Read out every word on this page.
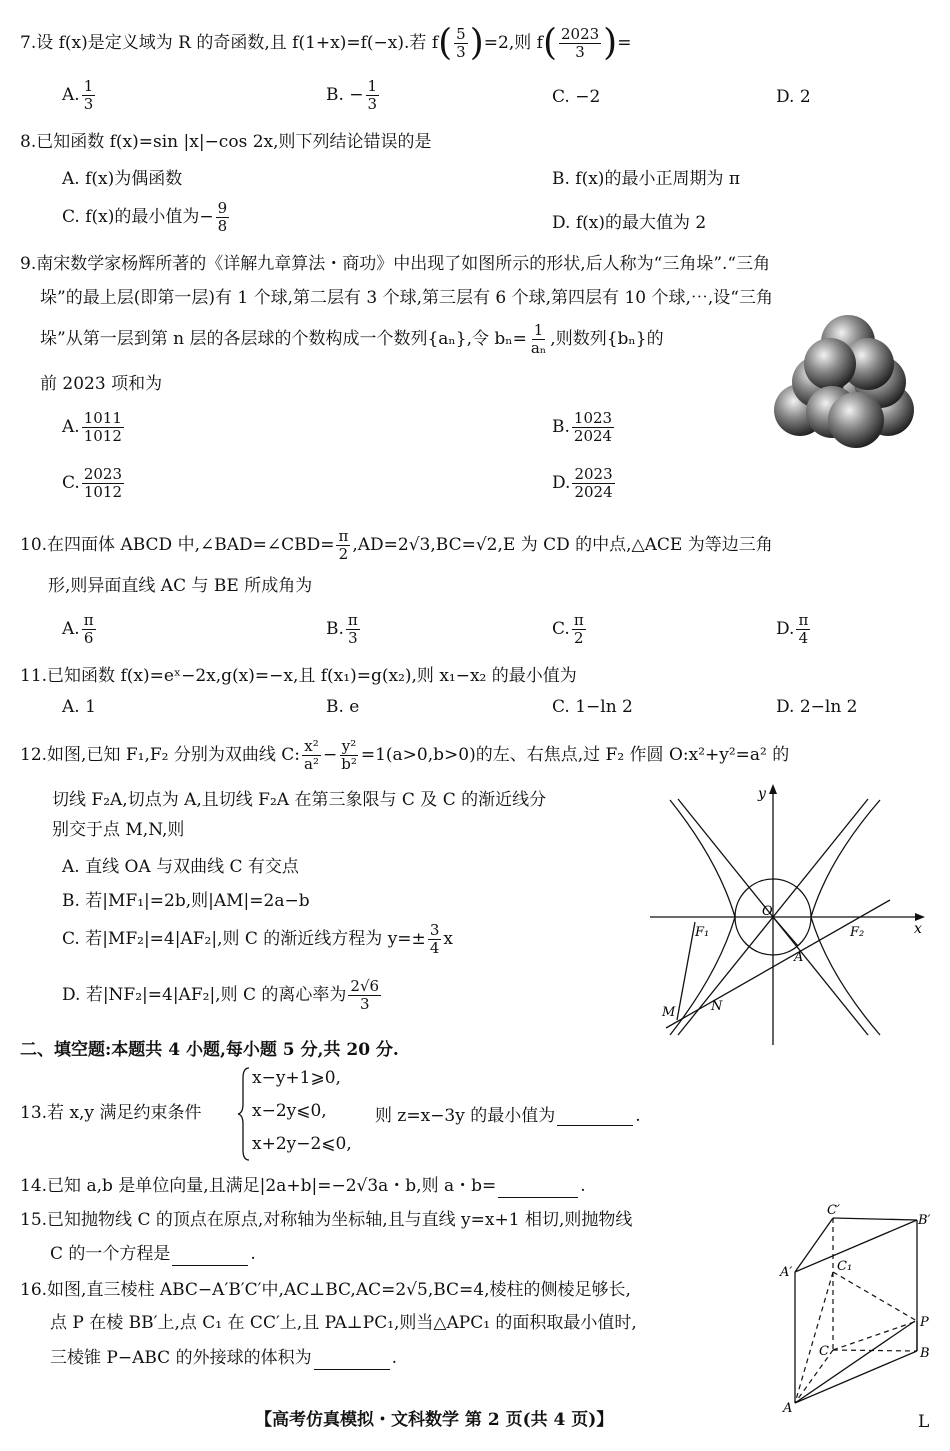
7.设 f(x)是定义域为 R 的奇函数,且 f(1+x)=f(−x).若 $f( \frac{5}{3} )=2$,则 $f( \frac{2023}{3}$ )=
A. $\frac{1}{3}$	B. − $\frac{1}{3}$	C. −2	D. 2
8.已知函数 f(x)=sin |x|−cos 2x,则下列结论错误的是
A. f(x)为偶函数	B. f(x)的最小正周期为 π
C. f(x)的最小值为− $\frac{9}{8}$	D. f(x)的最大值为 2
9.南宋数学家杨辉所著的《详解九章算法・商功》中出现了如图所示的形状,后人称为“三角垛”.“三角
垛”的最上层(即第一层)有 1 个球,第二层有 3 个球,第三层有 6 个球,第四层有 10 个球,⋯,设“三角
垛”从第一层到第 n 层的各层球的个数构成一个数列{aₙ},令 $b_n= \frac{1}{\text{aₙ}}$ ,则数列{bₙ}的
前 2023 项和为
A. $\frac{1011}{1012}$	B. $\frac{1023}{2024}$
C. $\frac{2023}{1012}$	D. $\frac{2023}{2024}$
10.在四面体 ABCD 中,∠BAD=∠CBD= $\frac{\pi}{2} ,AD=2√3,BC=√2,E$ 为 CD 的中点,△ACE 为等边三角
形,则异面直线 AC 与 BE 所成角为
A. $\frac{\pi}{6}$	B. $\frac{\pi}{3}$	C. $\frac{\pi}{2}$	D. $\frac{\pi}{4}$
11.已知函数 f(x)=eˣ−2x,g(x)=−x,且 f(x₁)=g(x₂),则 x₁−x₂ 的最小值为
A. 1	B. e	C. 1−ln 2	D. 2−ln 2
12.如图,已知 F₁,F₂ 分别为双曲线 C: $\frac{\text{x²}}{\text{a²}} - \frac{\text{y²}}{\text{b²}} =1(a>0,b>0)$的左、右焦点,过 F₂ 作圆 O:x²+y²=a² 的
切线 F₂A,切点为 A,且切线 F₂A 在第三象限与 C 及 C 的渐近线分
别交于点 M,N,则
A. 直线 OA 与双曲线 C 有交点
B. 若|MF₁|=2b,则|AM|=2a−b
C. 若|MF₂|=4|AF₂|,则 C 的渐近线方程为 $y=\pm \frac{3}{4}$ x
D. 若|NF₂|=4|AF₂|,则 C 的离心率为 $\frac{2√6}{3}$
y
x
O
F₁	F₂
A
M	N
二、填空题:本题共 4 小题,每小题 5 分,共 20 分.
13.若 x,y 满足约束条件
x−y+1⩾0,
x−2y⩽0,
x+2y−2⩽0,
则 z=x−3y 的最小值为	.
14.已知 a,b 是单位向量,且满足|2a+b|=−2√3a・b,则 a・b=	.
15.已知抛物线 C 的顶点在原点,对称轴为坐标轴,且与直线 y=x+1 相切,则抛物线
C 的一个方程是	.
16.如图,直三棱柱 ABC−A′B′C′中,AC⊥BC,AC=2√5,BC=4,棱柱的侧棱足够长,
点 P 在棱 BB′上,点 C₁ 在 CC′上,且 PA⊥PC₁,则当△APC₁ 的面积取最小值时,
三棱锥 P−ABC 的外接球的体积为	.
C′
B′
A′	C₁
P
C	B
A
【高考仿真模拟・文科数学 第 2 页(共 4 页)】	L
